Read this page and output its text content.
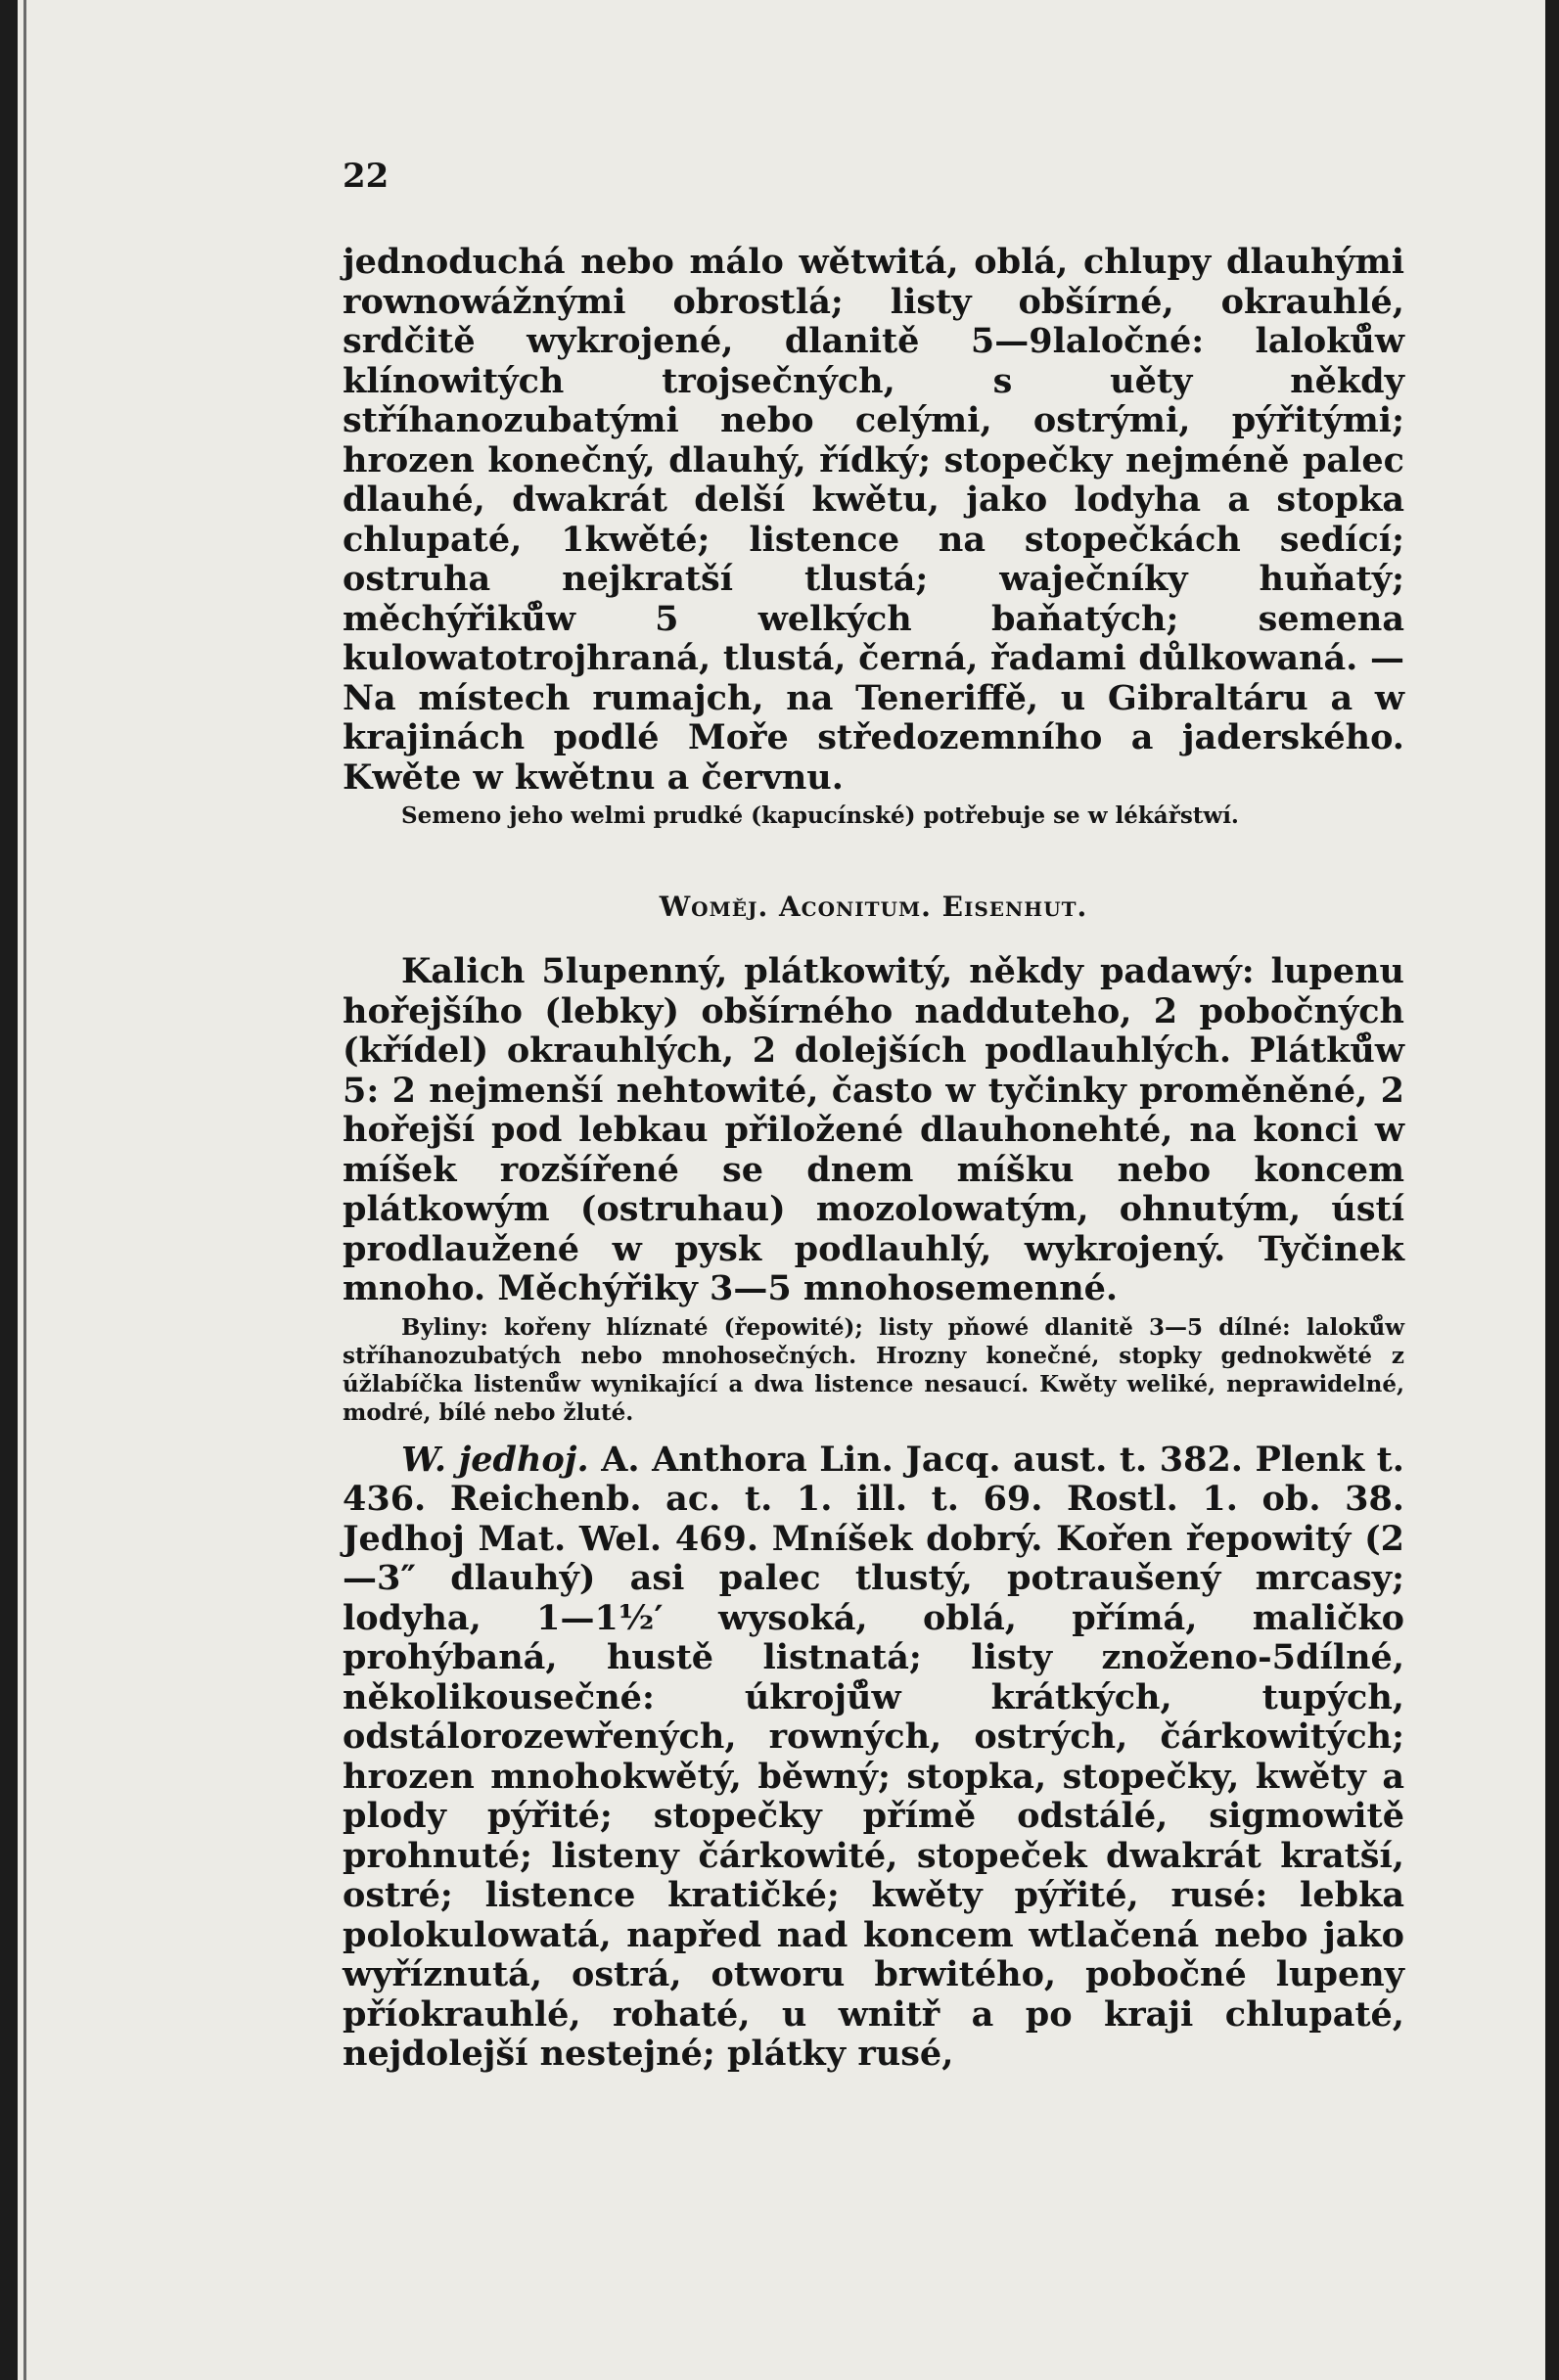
22

jednoduchá nebo málo wětwitá, oblá, chlupy dlauhými rownowážnými obrostlá; listy obšírné, okrauhlé, srdčitě wykrojené, dlanitě 5—9laločné: laloků̊w klínowitých trojsečných, s uěty někdy stříhanozubatými nebo celými, ostrými, pýřitými; hrozen konečný, dlauhý, řídký; stopečky nejméně palec dlauhé, dwakrát delší kwětu, jako lodyha a stopka chlupaté, 1kwěté; listence na stopečkách sedící; ostruha nejkratší tlustá; waječníky huňatý; měchýřiků̊w 5 welkých baňatých; semena kulowatotrojhraná, tlustá, černá, řadami důlkowaná. — Na místech rumajch, na Teneriffě, u Gibraltáru a w krajinách podlé Moře středozemního a jaderského. Kwěte w kwětnu a červnu.

Semeno jeho welmi prudké (kapucínské) potřebuje se w lékářstwí.

Woměj. Aconitum. Eisenhut.

Kalich 5lupenný, plátkowitý, někdy padawý: lupenu hořejšího (lebky) obšírného nadduteho, 2 pobočných (křídel) okrauhlých, 2 dolejších podlauhlých. Plátků̊w 5: 2 nejmenší nehtowité, často w tyčinky proměněné, 2 hořejší pod lebkau přiložené dlauhonehté, na konci w míšek rozšířené se dnem míšku nebo koncem plátkowým (ostruhau) mozolowatým, ohnutým, ústí prodlaužené w pysk podlauhlý, wykrojený. Tyčinek mnoho. Měchýřiky 3—5 mnohosemenné.

Byliny: kořeny hlíznaté (řepowité); listy pňowé dlanitě 3—5 dílné: laloků̊w stříhanozubatých nebo mnohosečných. Hrozny konečné, stopky gednokwěté z úžlabíčka listenů̊w wynikající a dwa listence nesaucí. Kwěty weliké, neprawidelné, modré, bílé nebo žluté.

W. jedhoj. A. Anthora Lin. Jacq. aust. t. 382. Plenk t. 436. Reichenb. ac. t. 1. ill. t. 69. Rostl. 1. ob. 38. Jedhoj Mat. Wel. 469. Mníšek dobrý. Kořen řepowitý (2—3″ dlauhý) asi palec tlustý, potraušený mrcasy; lodyha, 1—1½′ wysoká, oblá, přímá, maličko prohýbaná, hustě listnatá; listy znoženo-5dílné, několikousečné: úkrojů̊w krátkých, tupých, odstálorozewřených, rowných, ostrých, čárkowitých; hrozen mnohokwětý, běwný; stopka, stopečky, kwěty a plody pýřité; stopečky přímě odstálé, sigmowitě prohnuté; listeny čárkowité, stopeček dwakrát kratší, ostré; listence kratičké; kwěty pýřité, rusé: lebka polokulowatá, napřed nad koncem wtlačená nebo jako wyříznutá, ostrá, otworu brwitého, pobočné lupeny příokrauhlé, rohaté, u wnitř a po kraji chlupaté, nejdolejší nestejné; plátky rusé,
